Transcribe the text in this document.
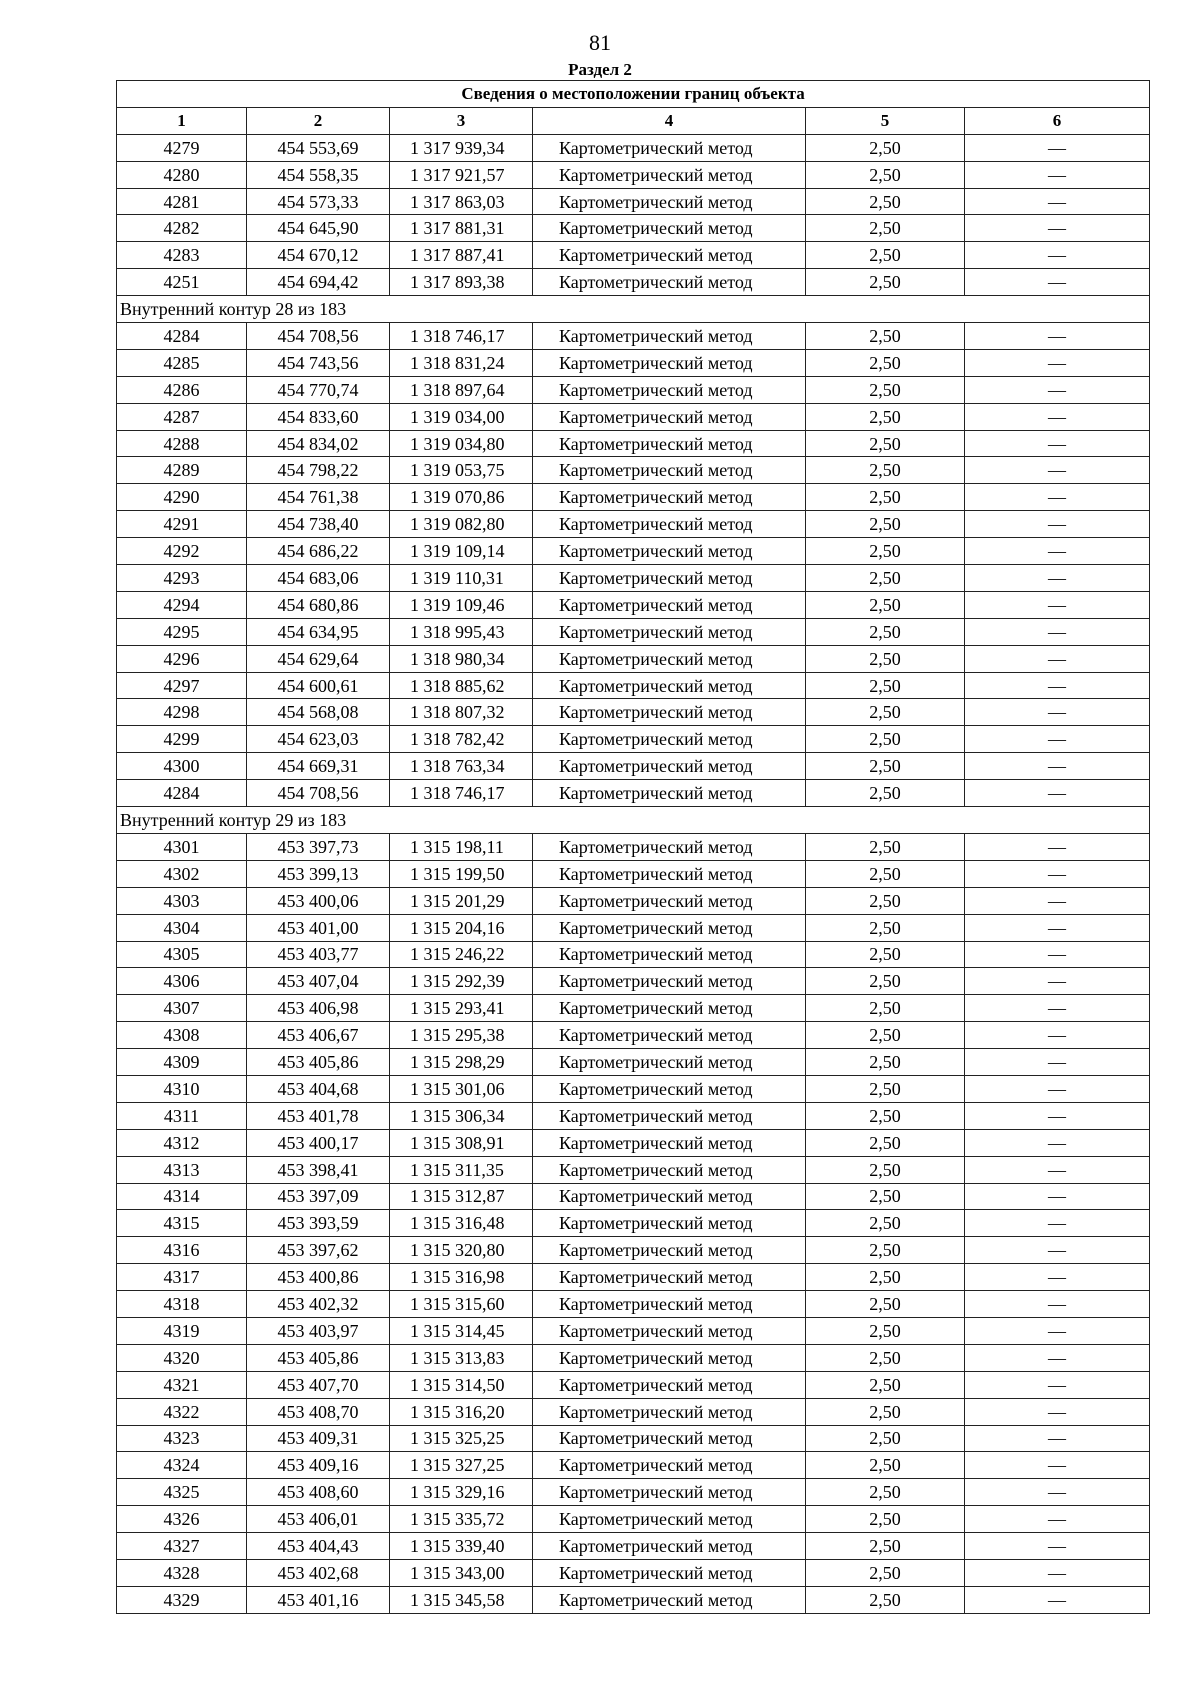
81
Раздел 2
Сведения о местоположении границ объекта					
1	2	3	4	5	6
4279	454 553,69	1 317 939,34	Картометрический метод	2,50	—
4280	454 558,35	1 317 921,57	Картометрический метод	2,50	—
4281	454 573,33	1 317 863,03	Картометрический метод	2,50	—
4282	454 645,90	1 317 881,31	Картометрический метод	2,50	—
4283	454 670,12	1 317 887,41	Картометрический метод	2,50	—
4251	454 694,42	1 317 893,38	Картометрический метод	2,50	—
Внутренний контур 28 из 183					
4284	454 708,56	1 318 746,17	Картометрический метод	2,50	—
4285	454 743,56	1 318 831,24	Картометрический метод	2,50	—
4286	454 770,74	1 318 897,64	Картометрический метод	2,50	—
4287	454 833,60	1 319 034,00	Картометрический метод	2,50	—
4288	454 834,02	1 319 034,80	Картометрический метод	2,50	—
4289	454 798,22	1 319 053,75	Картометрический метод	2,50	—
4290	454 761,38	1 319 070,86	Картометрический метод	2,50	—
4291	454 738,40	1 319 082,80	Картометрический метод	2,50	—
4292	454 686,22	1 319 109,14	Картометрический метод	2,50	—
4293	454 683,06	1 319 110,31	Картометрический метод	2,50	—
4294	454 680,86	1 319 109,46	Картометрический метод	2,50	—
4295	454 634,95	1 318 995,43	Картометрический метод	2,50	—
4296	454 629,64	1 318 980,34	Картометрический метод	2,50	—
4297	454 600,61	1 318 885,62	Картометрический метод	2,50	—
4298	454 568,08	1 318 807,32	Картометрический метод	2,50	—
4299	454 623,03	1 318 782,42	Картометрический метод	2,50	—
4300	454 669,31	1 318 763,34	Картометрический метод	2,50	—
4284	454 708,56	1 318 746,17	Картометрический метод	2,50	—
Внутренний контур 29 из 183					
4301	453 397,73	1 315 198,11	Картометрический метод	2,50	—
4302	453 399,13	1 315 199,50	Картометрический метод	2,50	—
4303	453 400,06	1 315 201,29	Картометрический метод	2,50	—
4304	453 401,00	1 315 204,16	Картометрический метод	2,50	—
4305	453 403,77	1 315 246,22	Картометрический метод	2,50	—
4306	453 407,04	1 315 292,39	Картометрический метод	2,50	—
4307	453 406,98	1 315 293,41	Картометрический метод	2,50	—
4308	453 406,67	1 315 295,38	Картометрический метод	2,50	—
4309	453 405,86	1 315 298,29	Картометрический метод	2,50	—
4310	453 404,68	1 315 301,06	Картометрический метод	2,50	—
4311	453 401,78	1 315 306,34	Картометрический метод	2,50	—
4312	453 400,17	1 315 308,91	Картометрический метод	2,50	—
4313	453 398,41	1 315 311,35	Картометрический метод	2,50	—
4314	453 397,09	1 315 312,87	Картометрический метод	2,50	—
4315	453 393,59	1 315 316,48	Картометрический метод	2,50	—
4316	453 397,62	1 315 320,80	Картометрический метод	2,50	—
4317	453 400,86	1 315 316,98	Картометрический метод	2,50	—
4318	453 402,32	1 315 315,60	Картометрический метод	2,50	—
4319	453 403,97	1 315 314,45	Картометрический метод	2,50	—
4320	453 405,86	1 315 313,83	Картометрический метод	2,50	—
4321	453 407,70	1 315 314,50	Картометрический метод	2,50	—
4322	453 408,70	1 315 316,20	Картометрический метод	2,50	—
4323	453 409,31	1 315 325,25	Картометрический метод	2,50	—
4324	453 409,16	1 315 327,25	Картометрический метод	2,50	—
4325	453 408,60	1 315 329,16	Картометрический метод	2,50	—
4326	453 406,01	1 315 335,72	Картометрический метод	2,50	—
4327	453 404,43	1 315 339,40	Картометрический метод	2,50	—
4328	453 402,68	1 315 343,00	Картометрический метод	2,50	—
4329	453 401,16	1 315 345,58	Картометрический метод	2,50	—
